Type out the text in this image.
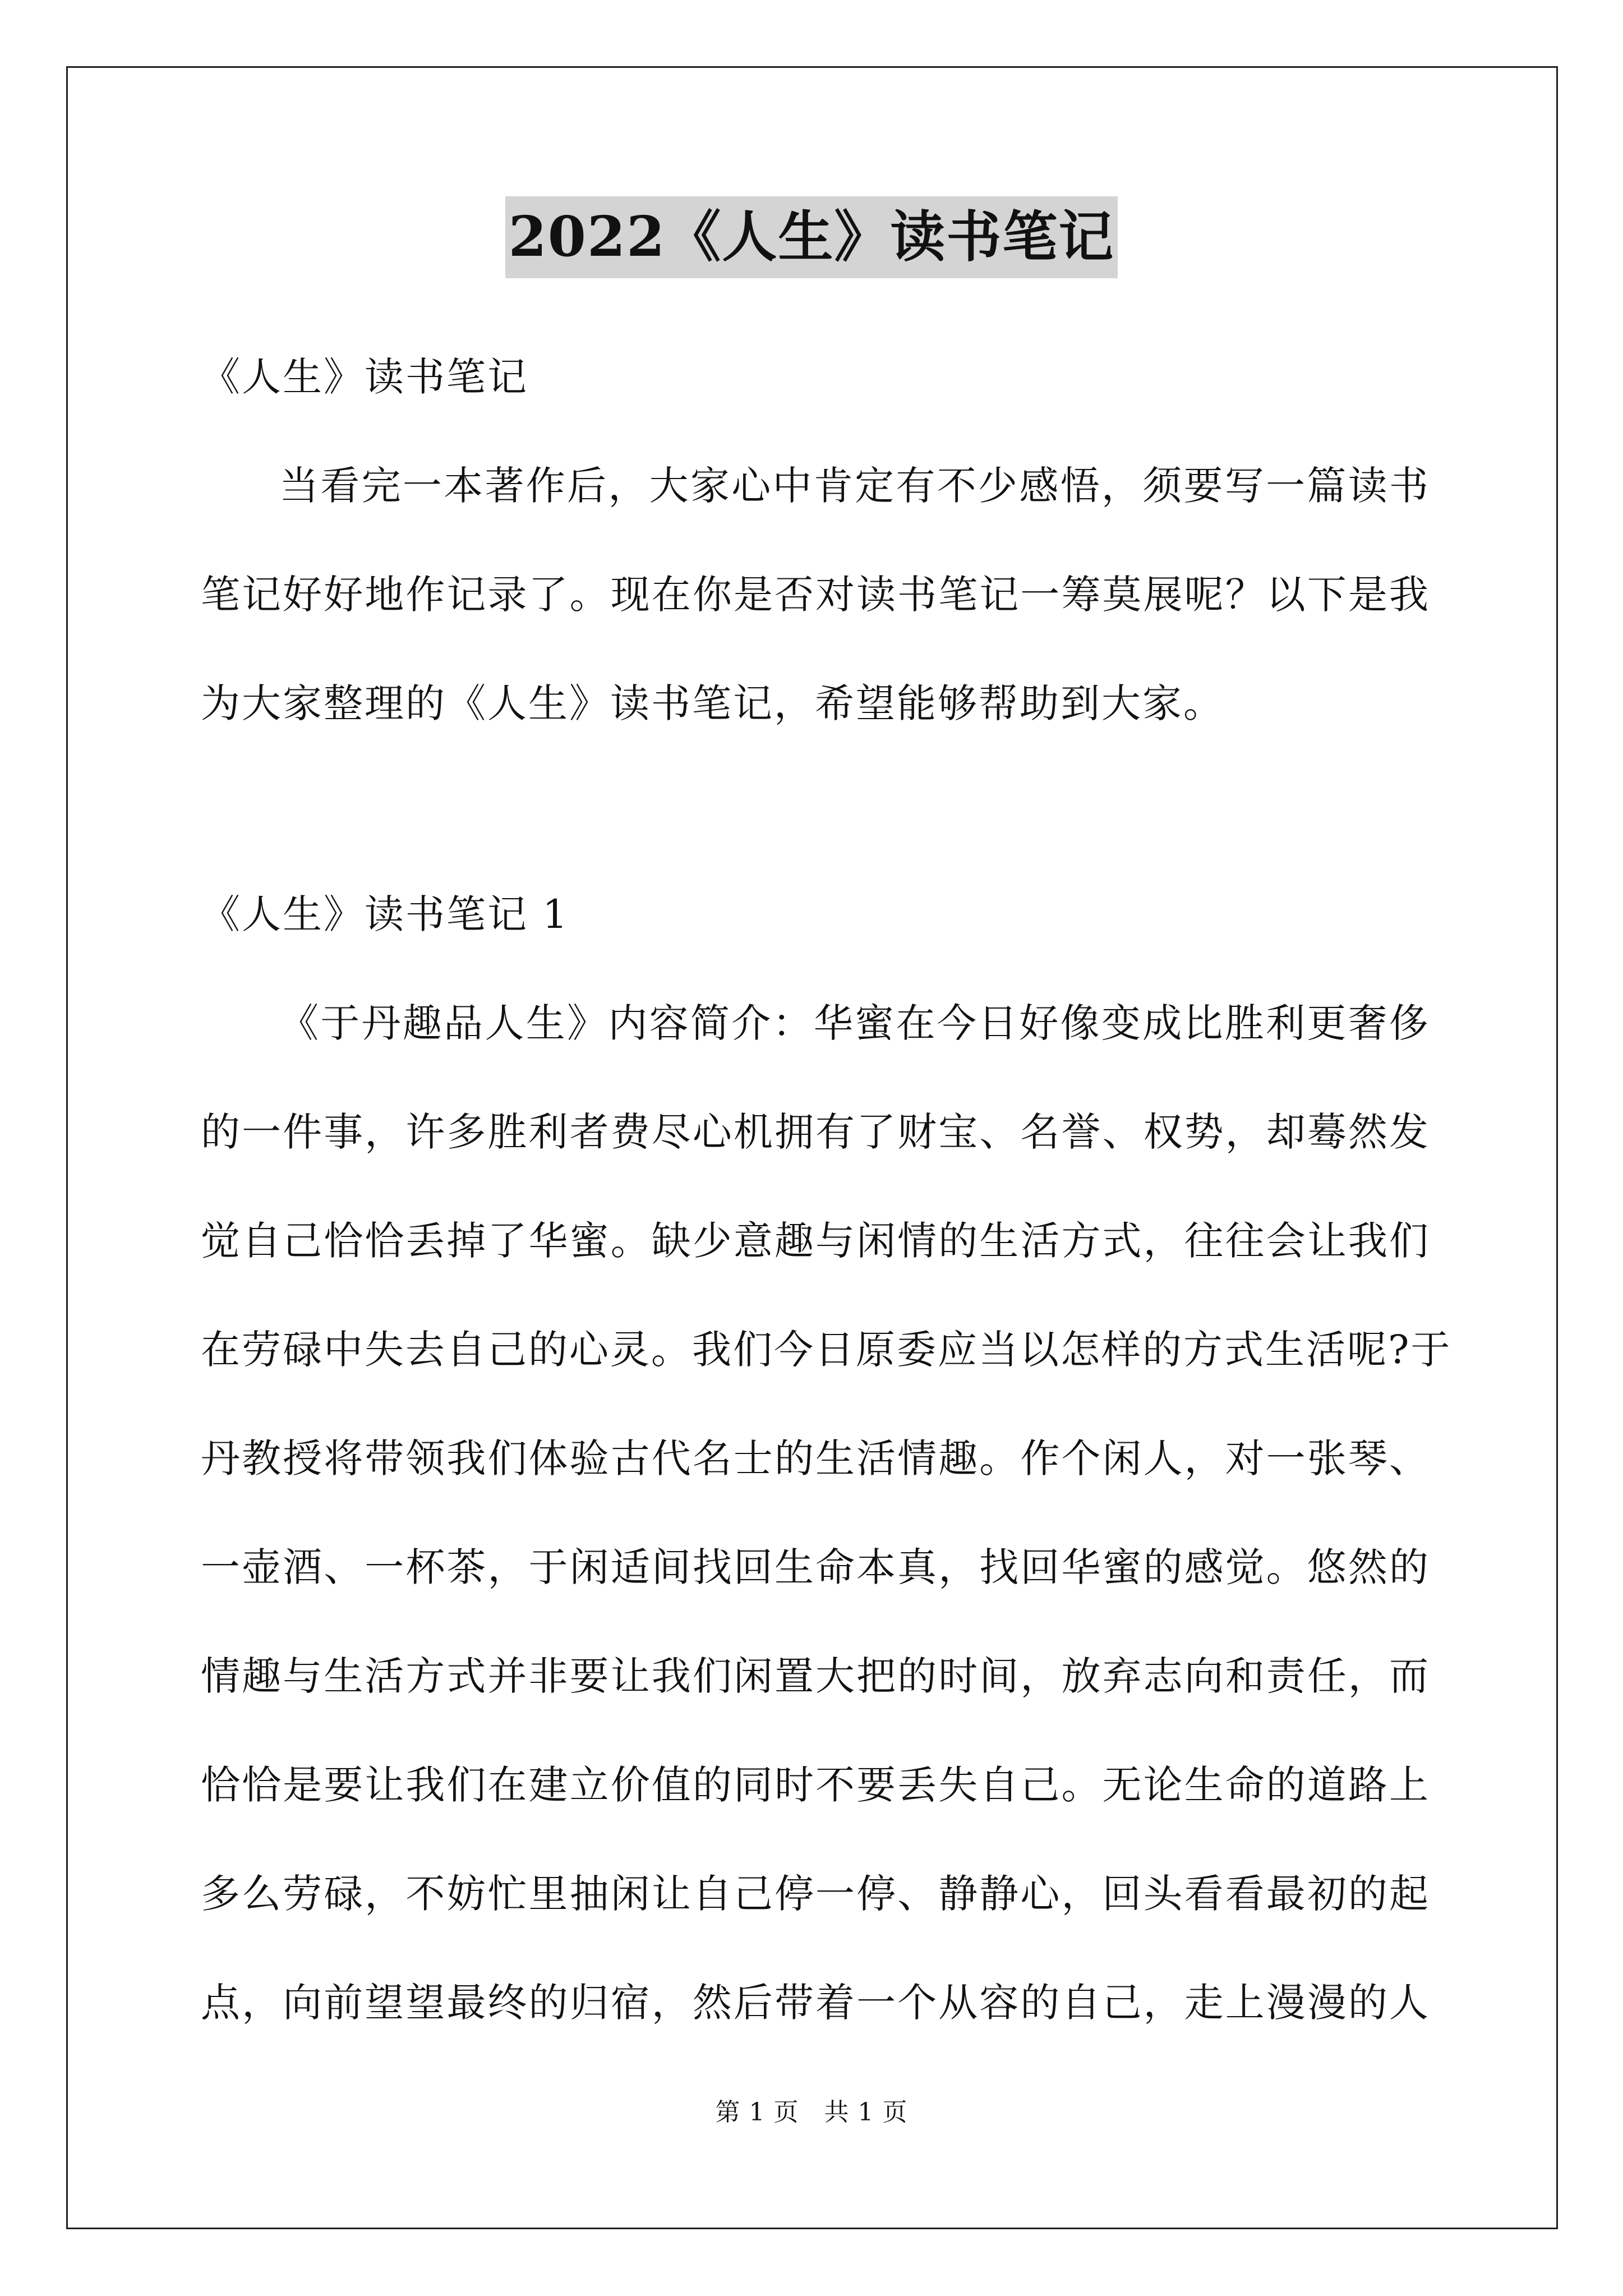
2022《人生》读书笔记
《人生》读书笔记
当看完一本著作后，大家心中肯定有不少感悟，须要写一篇读书
笔记好好地作记录了。现在你是否对读书笔记一筹莫展呢？以下是我
为大家整理的《人生》读书笔记，希望能够帮助到大家。
《人生》读书笔记 1
《于丹趣品人生》内容简介：华蜜在今日好像变成比胜利更奢侈
的一件事，许多胜利者费尽心机拥有了财宝、名誉、权势，却蓦然发
觉自己恰恰丢掉了华蜜。缺少意趣与闲情的生活方式，往往会让我们
在劳碌中失去自己的心灵。我们今日原委应当以怎样的方式生活呢?于
丹教授将带领我们体验古代名士的生活情趣。作个闲人，对一张琴、
一壶酒、一杯茶，于闲适间找回生命本真，找回华蜜的感觉。悠然的
情趣与生活方式并非要让我们闲置大把的时间，放弃志向和责任，而
恰恰是要让我们在建立价值的同时不要丢失自己。无论生命的道路上
多么劳碌，不妨忙里抽闲让自己停一停、静静心，回头看看最初的起
点，向前望望最终的归宿，然后带着一个从容的自己，走上漫漫的人
第 1 页　共 1 页
